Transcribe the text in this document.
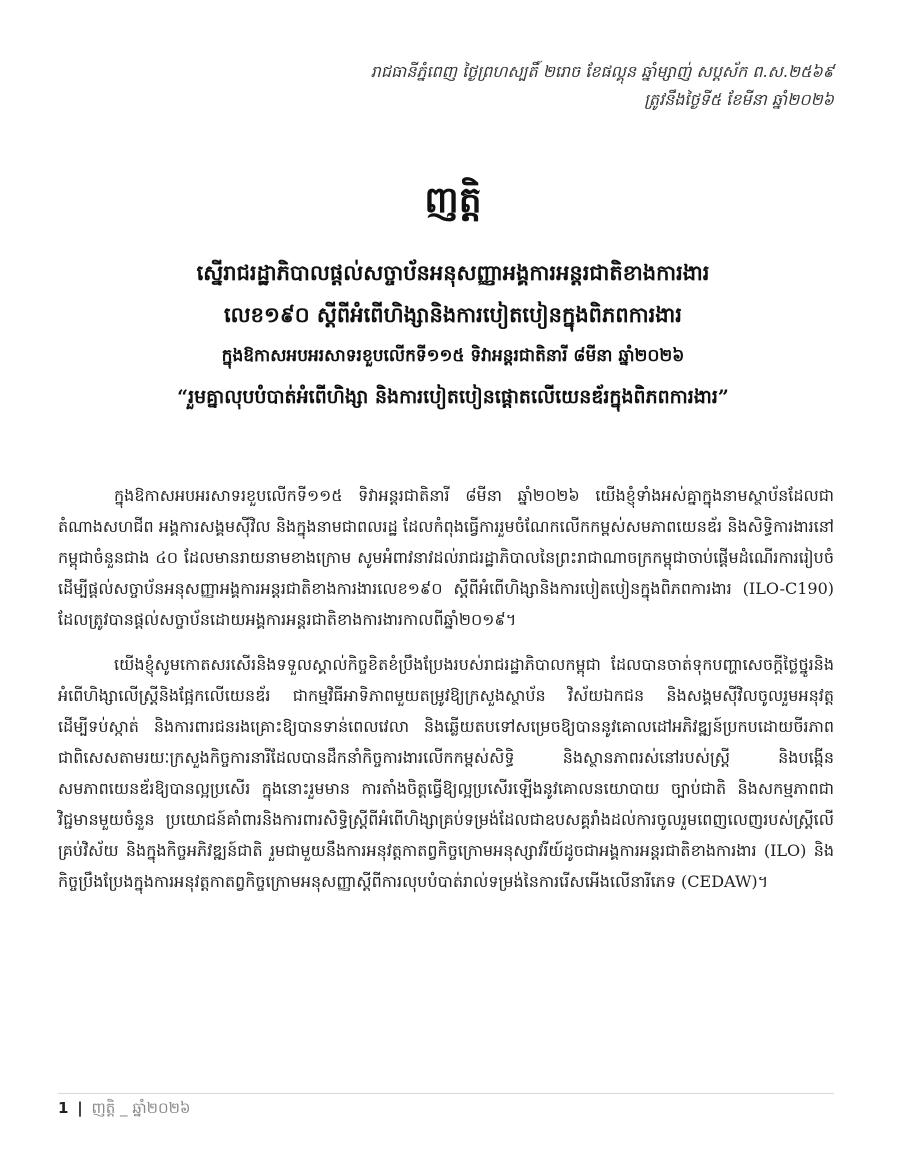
រាជធានីភ្នំពេញ ថ្ងៃព្រហស្បតិ៍ ២រោច ខែផល្គុន ឆ្នាំម្សាញ់ សប្តស័ក ព.ស.២៥៦៩
ត្រូវនឹងថ្ងៃទី៥ ខែមីនា ឆ្នាំ២០២៦
ញត្តិ
ស្នើរាជរដ្ឋាភិបាលផ្តល់សច្ចាប័នអនុសញ្ញាអង្គការអន្តរជាតិខាងការងារ
លេខ១៩០ ស្តីពីអំពើហិង្សានិងការបៀតបៀនក្នុងពិភពការងារ
ក្នុងឱកាសអបអរសាទរខួបលើកទី១១៥ ទិវាអន្តរជាតិនារី ៨មីនា ឆ្នាំ២០២៦
“រួមគ្នាលុបបំបាត់អំពើហិង្សា និងការបៀតបៀនផ្តោតលើយេនឌ័រក្នុងពិភពការងារ”

ក្នុងឱកាសអបអរសាទរខួបលើកទី១១៥ ទិវាអន្តរជាតិនារី ៨មីនា ឆ្នាំ២០២៦ យើងខ្ញុំទាំងអស់គ្នាក្នុងនាមស្ថាប័នដែលជាតំណាងសហជីព អង្គការសង្គមស៊ីវិល និងក្នុងនាមជាពលរដ្ឋ ដែលកំពុងធ្វើការរួមចំណែកលើកកម្ពស់សមភាពយេនឌ័រ និងសិទ្ធិការងារនៅកម្ពុជាចំនួនជាង ៤០ ដែលមានរាយនាមខាងក្រោម សូមអំពាវនាវដល់រាជរដ្ឋាភិបាលនៃព្រះរាជាណាចក្រកម្ពុជាចាប់ផ្តើមដំណើរការរៀបចំដើម្បីផ្តល់សច្ចាប័នអនុសញ្ញាអង្គការអន្តរជាតិខាងការងារលេខ១៩០ ស្តីពីអំពើហិង្សានិងការបៀតបៀនក្នុងពិភពការងារ (ILO-C190) ដែលត្រូវបានផ្តល់សច្ចាប័នដោយអង្គការអន្តរជាតិខាងការងារកាលពីឆ្នាំ២០១៩។

យើងខ្ញុំសូមកោតសរសើរនិងទទួលស្គាល់កិច្ចខិតខំប្រឹងប្រែងរបស់រាជរដ្ឋាភិបាលកម្ពុជា ដែលបានចាត់ទុកបញ្ហាសេចក្តីថ្លៃថ្នូរនិងអំពើហិង្សាលើស្ត្រីនិងផ្អែកលើយេនឌ័រ ជាកម្មវិធីអាទិភាពមួយតម្រូវឱ្យក្រសួងស្ថាប័ន វិស័យឯកជន និងសង្គមស៊ីវិលចូលរួមអនុវត្ត ដើម្បីទប់ស្កាត់ និងការពារជនរងគ្រោះឱ្យបានទាន់ពេលវេលា និងឆ្លើយតបទៅសម្រេចឱ្យបាននូវគោលដៅអភិវឌ្ឍន៍ប្រកបដោយចីរភាព ជាពិសេសតាមរយៈក្រសួងកិច្ចការនារីដែលបានដឹកនាំកិច្ចការងារលើកកម្ពស់សិទ្ធិ និងស្ថានភាពរស់នៅរបស់ស្ត្រី និងបង្កើនសមភាពយេនឌ័រឱ្យបានល្អប្រសើរ ក្នុងនោះរួមមាន ការតាំងចិត្តធ្វើឱ្យល្អប្រសើរឡើងនូវគោលនយោបាយ ច្បាប់ជាតិ និងសកម្មភាពជាវិជ្ជមានមួយចំនួន ប្រយោជន៍គាំពារនិងការពារសិទ្ធិស្ត្រីពីអំពើហិង្សាគ្រប់ទម្រង់ដែលជាឧបសគ្គរាំងដល់ការចូលរួមពេញលេញរបស់ស្ត្រីលើគ្រប់វិស័យ និងក្នុងកិច្ចអភិវឌ្ឍន៍ជាតិ រួមជាមួយនឹងការអនុវត្តកាតព្វកិច្ចក្រោមអនុស្សាវរីយ៍ដូចជាអង្គការអន្តរជាតិខាងការងារ (ILO) និងកិច្ចប្រឹងប្រែងក្នុងការអនុវត្តកាតព្វកិច្ចក្រោមអនុសញ្ញាស្តីពីការលុបបំបាត់រាល់ទម្រង់នៃការរើសអើងលើនារីភេទ (CEDAW)។

1 | ញត្តិ _ ឆ្នាំ២០២៦
